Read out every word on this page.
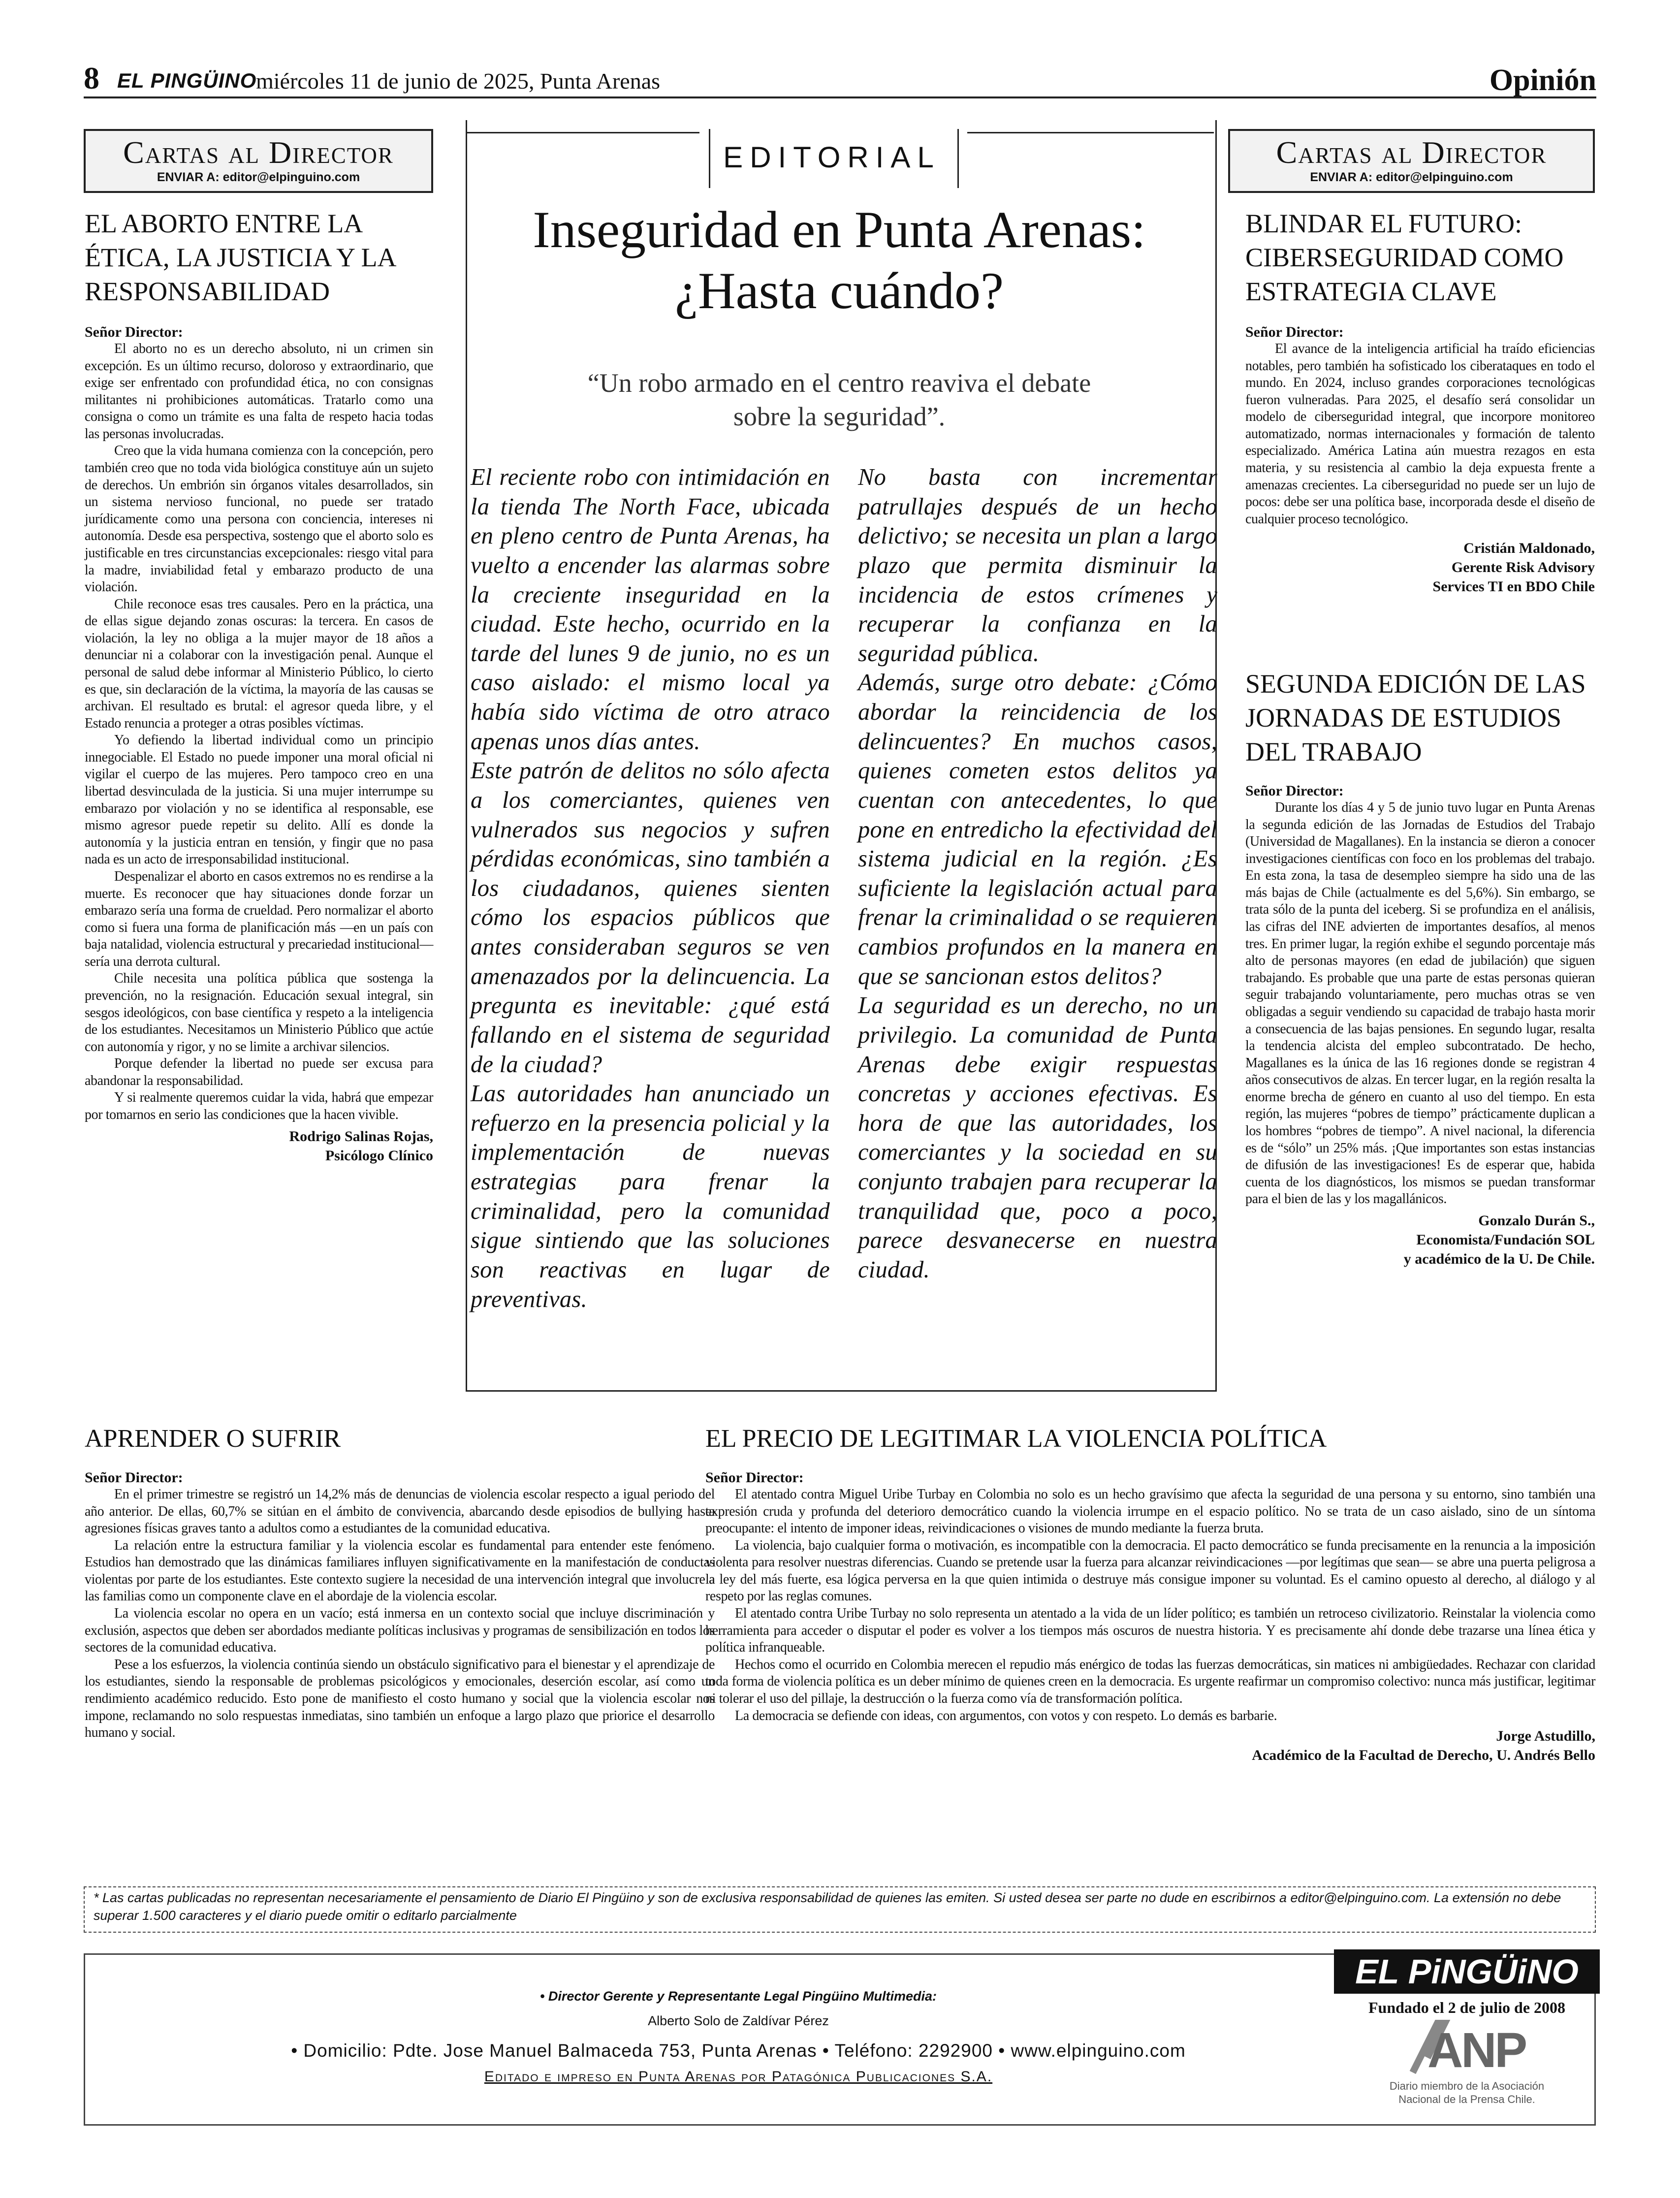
8 EL PINGÜINO
miércoles 11 de junio de 2025, Punta Arenas	Opinión
Cartas al Director
ENVIAR A: editor@elpinguino.com
EL ABORTO ENTRE LA ÉTICA, LA JUSTICIA Y LA RESPONSABILIDAD
Señor Director:

El aborto no es un derecho absoluto, ni un crimen sin excepción. Es un último recurso, doloroso y extraordinario, que exige ser enfrentado con profundidad ética, no con consignas militantes ni prohibiciones automáticas. Tratarlo como una consigna o como un trámite es una falta de respeto hacia todas las personas involucradas.

Creo que la vida humana comienza con la concepción, pero también creo que no toda vida biológica constituye aún un sujeto de derechos. Un embrión sin órganos vitales desarrollados, sin un sistema nervioso funcional, no puede ser tratado jurídicamente como una persona con conciencia, intereses ni autonomía. Desde esa perspectiva, sostengo que el aborto solo es justificable en tres circunstancias excepcionales: riesgo vital para la madre, inviabilidad fetal y embarazo producto de una violación.

Chile reconoce esas tres causales. Pero en la práctica, una de ellas sigue dejando zonas oscuras: la tercera. En casos de violación, la ley no obliga a la mujer mayor de 18 años a denunciar ni a colaborar con la investigación penal. Aunque el personal de salud debe informar al Ministerio Público, lo cierto es que, sin declaración de la víctima, la mayoría de las causas se archivan. El resultado es brutal: el agresor queda libre, y el Estado renuncia a proteger a otras posibles víctimas.

Yo defiendo la libertad individual como un principio innegociable. El Estado no puede imponer una moral oficial ni vigilar el cuerpo de las mujeres. Pero tampoco creo en una libertad desvinculada de la justicia. Si una mujer interrumpe su embarazo por violación y no se identifica al responsable, ese mismo agresor puede repetir su delito. Allí es donde la autonomía y la justicia entran en tensión, y fingir que no pasa nada es un acto de irresponsabilidad institucional.

Despenalizar el aborto en casos extremos no es rendirse a la muerte. Es reconocer que hay situaciones donde forzar un embarazo sería una forma de crueldad. Pero normalizar el aborto como si fuera una forma de planificación más —en un país con baja natalidad, violencia estructural y precariedad institucional— sería una derrota cultural.

Chile necesita una política pública que sostenga la prevención, no la resignación. Educación sexual integral, sin sesgos ideológicos, con base científica y respeto a la inteligencia de los estudiantes. Necesitamos un Ministerio Público que actúe con autonomía y rigor, y no se limite a archivar silencios.

Porque defender la libertad no puede ser excusa para abandonar la responsabilidad.

Y si realmente queremos cuidar la vida, habrá que empezar por tomarnos en serio las condiciones que la hacen vivible.

Rodrigo Salinas Rojas,
Psicólogo Clínico
EDITORIAL
Inseguridad en Punta Arenas: ¿Hasta cuándo?
“Un robo armado en el centro reaviva el debate sobre la seguridad”.

El reciente robo con intimidación en la tienda The North Face, ubicada en pleno centro de Punta Arenas, ha vuelto a encender las alarmas sobre la creciente inseguridad en la ciudad. Este hecho, ocurrido en la tarde del lunes 9 de junio, no es un caso aislado: el mismo local ya había sido víctima de otro atraco apenas unos días antes.

Este patrón de delitos no sólo afecta a los comerciantes, quienes ven vulnerados sus negocios y sufren pérdidas económicas, sino también a los ciudadanos, quienes sienten cómo los espacios públicos que antes consideraban seguros se ven amenazados por la delincuencia. La pregunta es inevitable: ¿qué está fallando en el sistema de seguridad de la ciudad?

Las autoridades han anunciado un refuerzo en la presencia policial y la implementación de nuevas estrategias para frenar la criminalidad, pero la comunidad sigue sintiendo que las soluciones son reactivas en lugar de preventivas.

No basta con incrementar patrullajes después de un hecho delictivo; se necesita un plan a largo plazo que permita disminuir la incidencia de estos crímenes y recuperar la confianza en la seguridad pública.

Además, surge otro debate: ¿Cómo abordar la reincidencia de los delincuentes? En muchos casos, quienes cometen estos delitos ya cuentan con antecedentes, lo que pone en entredicho la efectividad del sistema judicial en la región. ¿Es suficiente la legislación actual para frenar la criminalidad o se requieren cambios profundos en la manera en que se sancionan estos delitos?

La seguridad es un derecho, no un privilegio. La comunidad de Punta Arenas debe exigir respuestas concretas y acciones efectivas. Es hora de que las autoridades, los comerciantes y la sociedad en su conjunto trabajen para recuperar la tranquilidad que, poco a poco, parece desvanecerse en nuestra ciudad.

Cartas al Director
ENVIAR A: editor@elpinguino.com
BLINDAR EL FUTURO: CIBERSEGURIDAD COMO ESTRATEGIA CLAVE
Señor Director:

El avance de la inteligencia artificial ha traído eficiencias notables, pero también ha sofisticado los ciberataques en todo el mundo. En 2024, incluso grandes corporaciones tecnológicas fueron vulneradas. Para 2025, el desafío será consolidar un modelo de ciberseguridad integral, que incorpore monitoreo automatizado, normas internacionales y formación de talento especializado. América Latina aún muestra rezagos en esta materia, y su resistencia al cambio la deja expuesta frente a amenazas crecientes. La ciberseguridad no puede ser un lujo de pocos: debe ser una política base, incorporada desde el diseño de cualquier proceso tecnológico.

Cristián Maldonado,
Gerente Risk Advisory
Services TI en BDO Chile
SEGUNDA EDICIÓN DE LAS JORNADAS DE ESTUDIOS DEL TRABAJO
Señor Director:

Durante los días 4 y 5 de junio tuvo lugar en Punta Arenas la segunda edición de las Jornadas de Estudios del Trabajo (Universidad de Magallanes). En la instancia se dieron a conocer investigaciones científicas con foco en los problemas del trabajo. En esta zona, la tasa de desempleo siempre ha sido una de las más bajas de Chile (actualmente es del 5,6%). Sin embargo, se trata sólo de la punta del iceberg. Si se profundiza en el análisis, las cifras del INE advierten de importantes desafíos, al menos tres. En primer lugar, la región exhibe el segundo porcentaje más alto de personas mayores (en edad de jubilación) que siguen trabajando. Es probable que una parte de estas personas quieran seguir trabajando voluntariamente, pero muchas otras se ven obligadas a seguir vendiendo su capacidad de trabajo hasta morir a consecuencia de las bajas pensiones. En segundo lugar, resalta la tendencia alcista del empleo subcontratado. De hecho, Magallanes es la única de las 16 regiones donde se registran 4 años consecutivos de alzas. En tercer lugar, en la región resalta la enorme brecha de género en cuanto al uso del tiempo. En esta región, las mujeres “pobres de tiempo” prácticamente duplican a los hombres “pobres de tiempo”. A nivel nacional, la diferencia es de “sólo” un 25% más. ¡Que importantes son estas instancias de difusión de las investigaciones! Es de esperar que, habida cuenta de los diagnósticos, los mismos se puedan transformar para el bien de las y los magallánicos.

Gonzalo Durán S.,
Economista/Fundación SOL
y académico de la U. De Chile.
APRENDER O SUFRIR
Señor Director:

En el primer trimestre se registró un 14,2% más de denuncias de violencia escolar respecto a igual periodo del año anterior. De ellas, 60,7% se sitúan en el ámbito de convivencia, abarcando desde episodios de bullying hasta agresiones físicas graves tanto a adultos como a estudiantes de la comunidad educativa.

La relación entre la estructura familiar y la violencia escolar es fundamental para entender este fenómeno. Estudios han demostrado que las dinámicas familiares influyen significativamente en la manifestación de conductas violentas por parte de los estudiantes. Este contexto sugiere la necesidad de una intervención integral que involucre a las familias como un componente clave en el abordaje de la violencia escolar.

La violencia escolar no opera en un vacío; está inmersa en un contexto social que incluye discriminación y exclusión, aspectos que deben ser abordados mediante políticas inclusivas y programas de sensibilización en todos los sectores de la comunidad educativa.

Pese a los esfuerzos, la violencia continúa siendo un obstáculo significativo para el bienestar y el aprendizaje de los estudiantes, siendo la responsable de problemas psicológicos y emocionales, deserción escolar, así como un rendimiento académico reducido. Esto pone de manifiesto el costo humano y social que la violencia escolar nos impone, reclamando no solo respuestas inmediatas, sino también un enfoque a largo plazo que priorice el desarrollo humano y social.

EL PRECIO DE LEGITIMAR LA VIOLENCIA POLÍTICA
Señor Director:

El atentado contra Miguel Uribe Turbay en Colombia no solo es un hecho gravísimo que afecta la seguridad de una persona y su entorno, sino también una expresión cruda y profunda del deterioro democrático cuando la violencia irrumpe en el espacio político. No se trata de un caso aislado, sino de un síntoma preocupante: el intento de imponer ideas, reivindicaciones o visiones de mundo mediante la fuerza bruta.

La violencia, bajo cualquier forma o motivación, es incompatible con la democracia. El pacto democrático se funda precisamente en la renuncia a la imposición violenta para resolver nuestras diferencias. Cuando se pretende usar la fuerza para alcanzar reivindicaciones —por legítimas que sean— se abre una puerta peligrosa a la ley del más fuerte, esa lógica perversa en la que quien intimida o destruye más consigue imponer su voluntad. Es el camino opuesto al derecho, al diálogo y al respeto por las reglas comunes.

El atentado contra Uribe Turbay no solo representa un atentado a la vida de un líder político; es también un retroceso civilizatorio. Reinstalar la violencia como herramienta para acceder o disputar el poder es volver a los tiempos más oscuros de nuestra historia. Y es precisamente ahí donde debe trazarse una línea ética y política infranqueable.

Hechos como el ocurrido en Colombia merecen el repudio más enérgico de todas las fuerzas democráticas, sin matices ni ambigüedades. Rechazar con claridad toda forma de violencia política es un deber mínimo de quienes creen en la democracia. Es urgente reafirmar un compromiso colectivo: nunca más justificar, legitimar ni tolerar el uso del pillaje, la destrucción o la fuerza como vía de transformación política.

La democracia se defiende con ideas, con argumentos, con votos y con respeto. Lo demás es barbarie.

Jorge Astudillo,
Académico de la Facultad de Derecho, U. Andrés Bello
* Las cartas publicadas no representan necesariamente el pensamiento de Diario El Pingüino y son de exclusiva responsabilidad de quienes las emiten. Si usted desea ser parte no dude en escribirnos a editor@elpinguino.com. La extensión no debe superar 1.500 caracteres y el diario puede omitir o editarlo parcialmente
• Director Gerente y Representante Legal Pingüino Multimedia:
Alberto Solo de Zaldívar Pérez
• Domicilio: Pdte. Jose Manuel Balmaceda 753, Punta Arenas • Teléfono: 2292900 • www.elpinguino.com
Editado e impreso en Punta Arenas por Patagónica Publicaciones S.A.
EL PiNGÜiNO
Fundado el 2 de julio de 2008
ANP
Diario miembro de la Asociación
Nacional de la Prensa Chile.
